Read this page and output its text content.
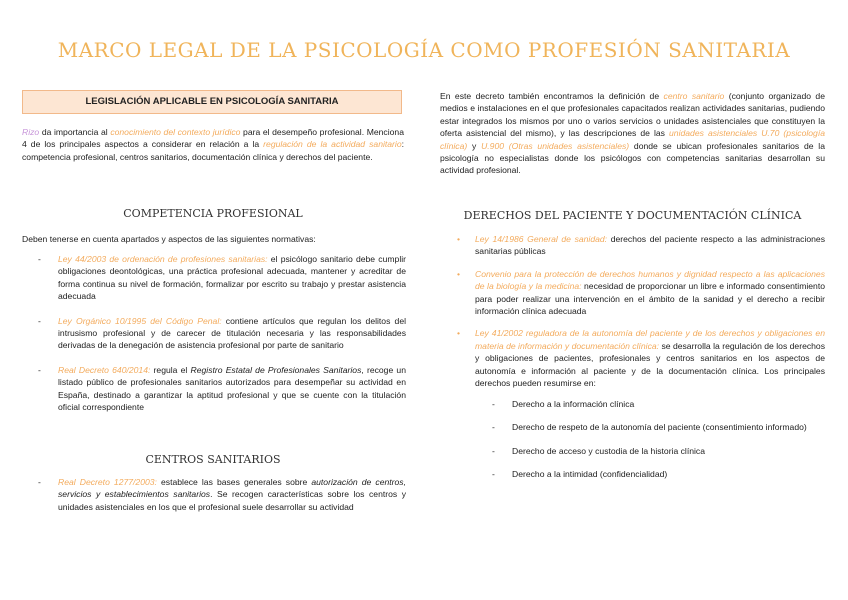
MARCO LEGAL DE LA PSICOLOGÍA COMO PROFESIÓN SANITARIA
LEGISLACIÓN APLICABLE EN PSICOLOGÍA SANITARIA
Rizo da importancia al conocimiento del contexto jurídico para el desempeño profesional. Menciona 4 de los principales aspectos a considerar en relación a la regulación de la actividad sanitario: competencia profesional, centros sanitarios, documentación clínica y derechos del paciente.
En este decreto también encontramos la definición de centro sanitario (conjunto organizado de medios e instalaciones en el que profesionales capacitados realizan actividades sanitarias, pudiendo estar integrados los mismos por uno o varios servicios o unidades asistenciales que constituyen la oferta asistencial del mismo), y las descripciones de las unidades asistenciales U.70 (psicología clínica) y U.900 (Otras unidades asistenciales) donde se ubican profesionales sanitarios de la psicología no especialistas donde los psicólogos con competencias sanitarias desarrollan su actividad profesional.
COMPETENCIA PROFESIONAL
Deben tenerse en cuenta apartados y aspectos de las siguientes normativas:
- Ley 44/2003 de ordenación de profesiones sanitarias: el psicólogo sanitario debe cumplir obligaciones deontológicas, una práctica profesional adecuada, mantener y acreditar de forma continua su nivel de formación, formalizar por escrito su trabajo y prestar asistencia adecuada
- Ley Orgánico 10/1995 del Código Penal: contiene artículos que regulan los delitos del intrusismo profesional y de carecer de titulación necesaria y las responsabilidades derivadas de la denegación de asistencia profesional por parte de sanitario
- Real Decreto 640/2014: regula el Registro Estatal de Profesionales Sanitarios, recoge un listado público de profesionales sanitarios autorizados para desempeñar su actividad en España, destinado a garantizar la aptitud profesional y que se cuente con la titulación oficial correspondiente
CENTROS SANITARIOS
- Real Decreto 1277/2003: establece las bases generales sobre autorización de centros, servicios y establecimientos sanitarios. Se recogen características sobre los centros y unidades asistenciales en los que el profesional suele desarrollar su actividad
DERECHOS DEL PACIENTE Y DOCUMENTACIÓN CLÍNICA
• Ley 14/1986 General de sanidad: derechos del paciente respecto a las administraciones sanitarias públicas
• Convenio para la protección de derechos humanos y dignidad respecto a las aplicaciones de la biología y la medicina: necesidad de proporcionar un libre e informado consentimiento para poder realizar una intervención en el ámbito de la sanidad y el derecho a recibir información clínica adecuada
• Ley 41/2002 reguladora de la autonomía del paciente y de los derechos y obligaciones en materia de información y documentación clínica: se desarrolla la regulación de los derechos y obligaciones de pacientes, profesionales y centros sanitarios en los aspectos de autonomía e información al paciente y de la documentación clínica. Los principales derechos pueden resumirse en:
- Derecho a la información clínica
- Derecho de respeto de la autonomía del paciente (consentimiento informado)
- Derecho de acceso y custodia de la historia clínica
- Derecho a la intimidad (confidencialidad)
